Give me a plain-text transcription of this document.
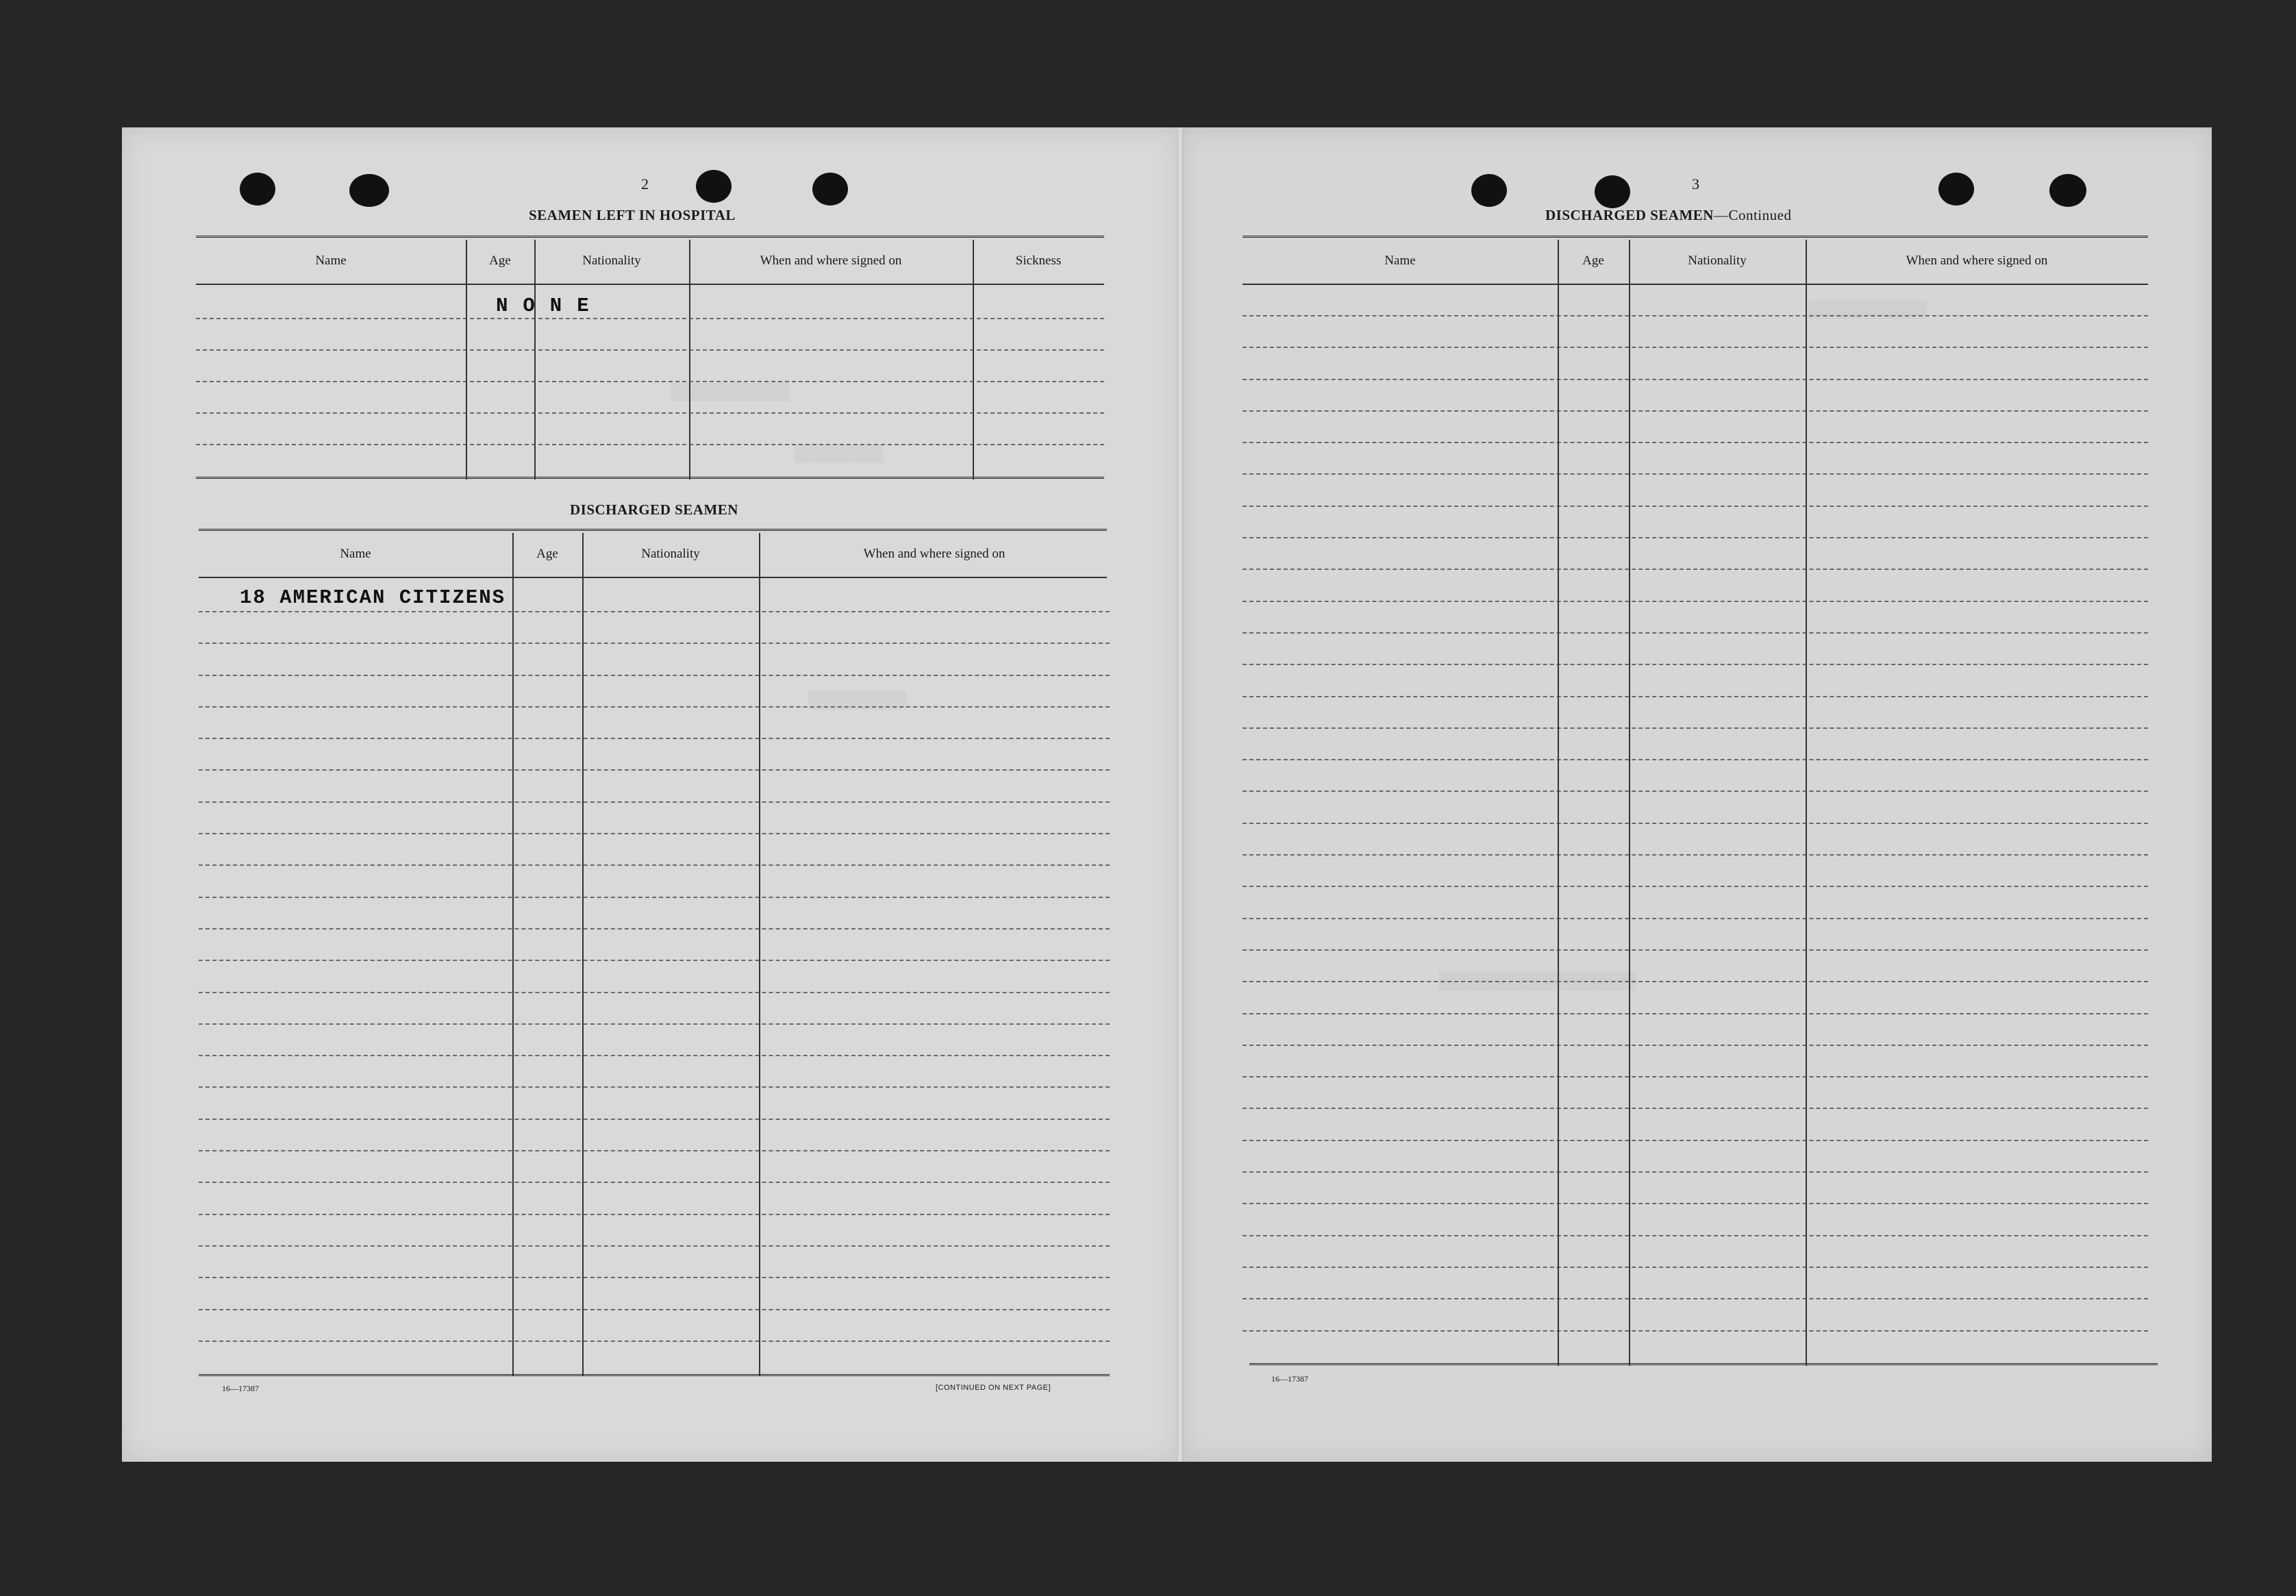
▒▒▒▒▒▒▒▒▒▒▒▒
▒▒▒▒▒▒▒▒▒
▒▒▒▒▒▒▒▒▒▒
▒▒▒▒▒▒▒▒▒▒▒▒
▒▒▒▒▒▒▒▒▒▒▒▒▒▒▒▒▒▒▒▒
2
SEAMEN LEFT IN HOSPITAL
Name	Age	Nationality	When and where signed on	Sickness
NONE
DISCHARGED SEAMEN
Name	Age	Nationality	When and where signed on
18 AMERICAN CITIZENS
16—17387	[CONTINUED ON NEXT PAGE]
3
DISCHARGED SEAMEN—Continued
Name	Age	Nationality	When and where signed on
16—17387
